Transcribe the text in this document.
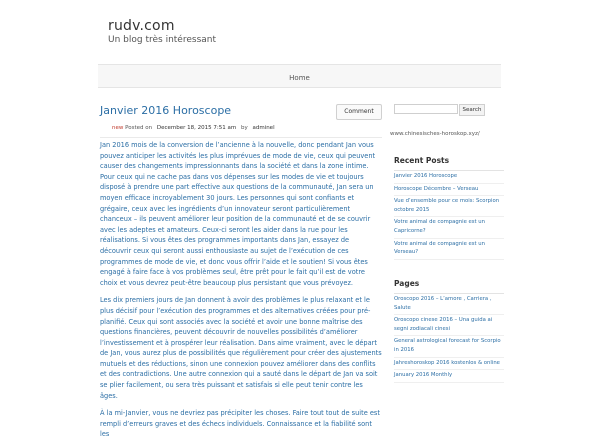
rudv.com
Un blog très intéressant
Home
Janvier 2016 Horoscope	Comment
new Posted on December 18, 2015 7:51 am by adminel

Jan 2016 mois de la conversion de l’ancienne à la nouvelle, donc pendant Jan vous pouvez anticiper les activités les plus imprévues de mode de vie, ceux qui peuvent causer des changements impressionnants dans la société et dans la zone intime. Pour ceux qui ne cache pas dans vos dépenses sur les modes de vie et toujours disposé à prendre une part effective aux questions de la communauté, Jan sera un moyen efficace incroyablement 30 jours. Les personnes qui sont confiants et grégaire, ceux avec les ingrédients d’un innovateur seront particulièrement chanceux – ils peuvent améliorer leur position de la communauté et de se couvrir avec les adeptes et amateurs. Ceux-ci seront les aider dans la rue pour les réalisations. Si vous êtes des programmes importants dans Jan, essayez de découvrir ceux qui seront aussi enthousiaste au sujet de l’exécution de ces programmes de mode de vie, et donc vous offrir l’aide et le soutien! Si vous êtes engagé à faire face à vos problèmes seul, être prêt pour le fait qu’il est de votre choix et vous devrez peut-être beaucoup plus persistant que vous prévoyez.

Les dix premiers jours de Jan donnent à avoir des problèmes le plus relaxant et le plus décisif pour l’exécution des programmes et des alternatives créées pour pré-planifié. Ceux qui sont associés avec la société et avoir une bonne maîtrise des questions financières, peuvent découvrir de nouvelles possibilités d’améliorer l’investissement et à prospérer leur réalisation. Dans aime vraiment, avec le départ de Jan, vous aurez plus de possibilités que régulièrement pour créer des ajustements mutuels et des réductions, sinon une connexion pouvez améliorer dans des conflits et des contradictions. Une autre connexion qui a sauté dans le départ de Jan va soit se plier facilement, ou sera très puissant et satisfais si elle peut tenir contre les âges.

À la mi-Janvier, vous ne devriez pas précipiter les choses. Faire tout tout de suite est rempli d’erreurs graves et des échecs individuels. Connaissance et la fiabilité sont les

Search
www.chinesisches-horoskop.xyz/
Recent Posts
Janvier 2016 Horoscope
Horoscope Décembre – Verseau
Vue d’ensemble pour ce mois: Scorpion octobre 2015
Votre animal de compagnie est un Capricorne?
Votre animal de compagnie est un Verseau?
Pages
Oroscopo 2016 – L’amore , Carriera , Salute
Oroscopo cinese 2016 – Una guida ai segni zodiacali cinesi
General astrological forecast for Scorpio in 2016
Jahreshoroskop 2016 kostenlos & online
January 2016 Monthly
